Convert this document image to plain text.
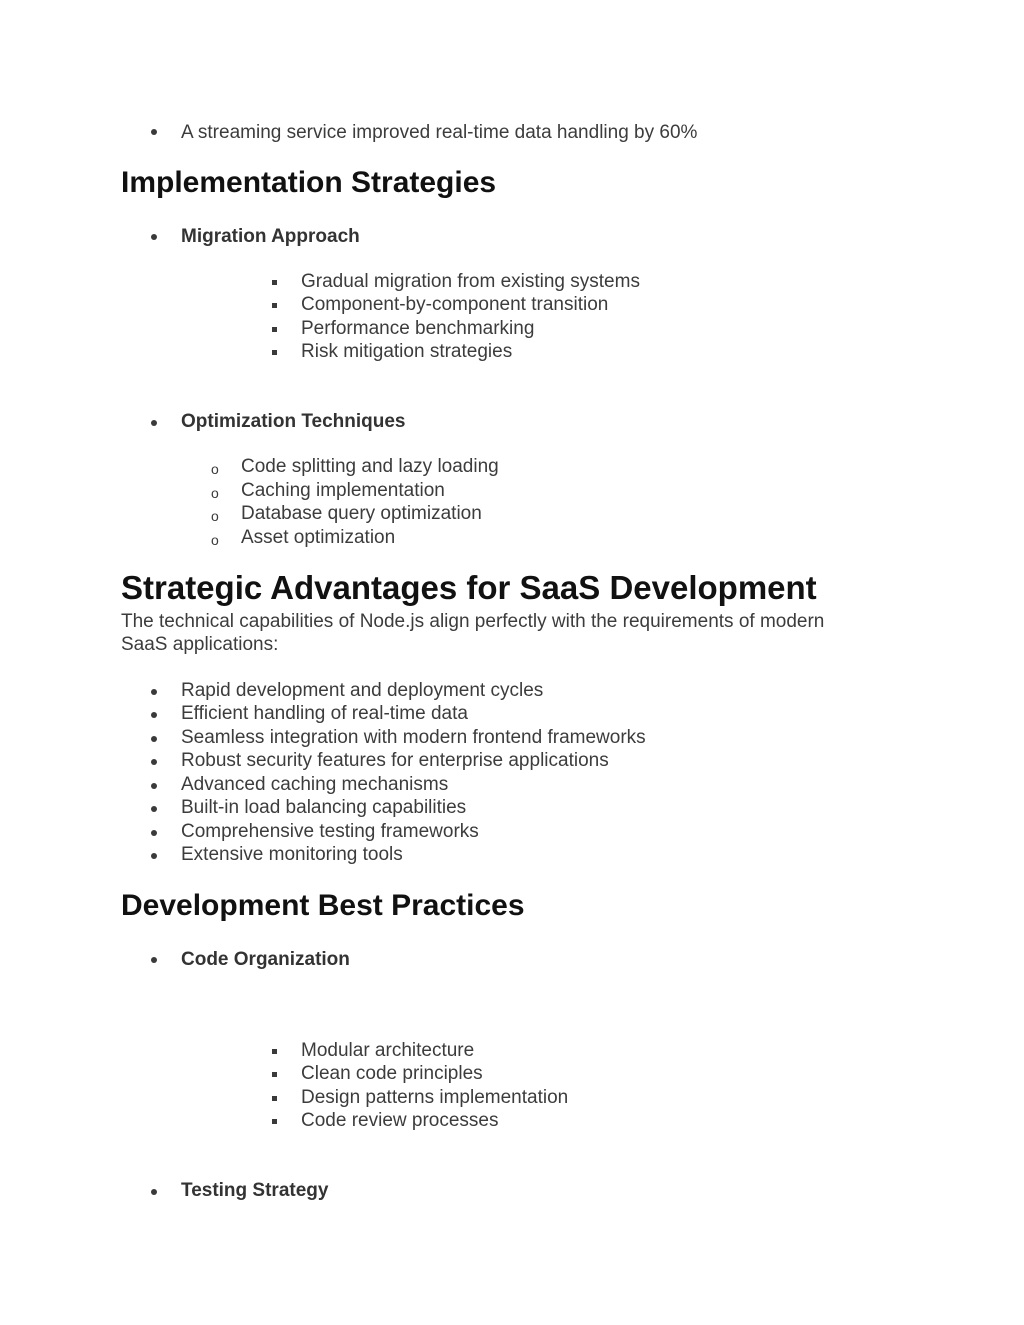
A streaming service improved real-time data handling by 60%
Implementation Strategies
Migration Approach
Gradual migration from existing systems
Component-by-component transition
Performance benchmarking
Risk mitigation strategies
Optimization Techniques
o Code splitting and lazy loading
o Caching implementation
o Database query optimization
o Asset optimization
Strategic Advantages for SaaS Development
The technical capabilities of Node.js align perfectly with the requirements of modern
SaaS applications:
Rapid development and deployment cycles
Efficient handling of real-time data
Seamless integration with modern frontend frameworks
Robust security features for enterprise applications
Advanced caching mechanisms
Built-in load balancing capabilities
Comprehensive testing frameworks
Extensive monitoring tools
Development Best Practices
Code Organization
Modular architecture
Clean code principles
Design patterns implementation
Code review processes
Testing Strategy
